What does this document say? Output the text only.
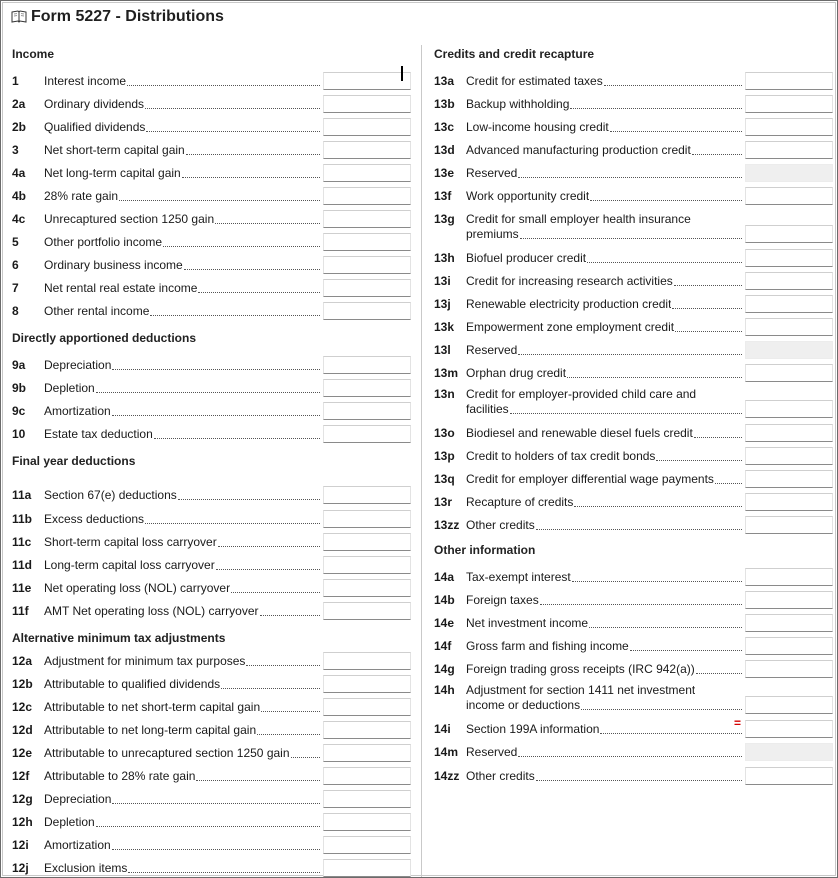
Form 5227 - Distributions
Income
1 Interest income
2a Ordinary dividends
2b Qualified dividends
3 Net short-term capital gain
4a Net long-term capital gain
4b 28% rate gain
4c Unrecaptured section 1250 gain
5 Other portfolio income
6 Ordinary business income
7 Net rental real estate income
8 Other rental income
Directly apportioned deductions
9a Depreciation
9b Depletion
9c Amortization
10 Estate tax deduction
Final year deductions
11a Section 67(e) deductions
11b Excess deductions
11c Short-term capital loss carryover
11d Long-term capital loss carryover
11e Net operating loss (NOL) carryover
11f AMT Net operating loss (NOL) carryover
Alternative minimum tax adjustments
12a Adjustment for minimum tax purposes
12b Attributable to qualified dividends
12c Attributable to net short-term capital gain
12d Attributable to net long-term capital gain
12e Attributable to unrecaptured section 1250 gain
12f Attributable to 28% rate gain
12g Depreciation
12h Depletion
12i Amortization
12j Exclusion items
Credits and credit recapture
13a Credit for estimated taxes
13b Backup withholding
13c Low-income housing credit
13d Advanced manufacturing production credit
13e Reserved
13f Work opportunity credit
13g Credit for small employer health insurance
premiums
13h Biofuel producer credit
13i Credit for increasing research activities
13j Renewable electricity production credit
13k Empowerment zone employment credit
13l Reserved
13m Orphan drug credit
13n Credit for employer-provided child care and
facilities
13o Biodiesel and renewable diesel fuels credit
13p Credit to holders of tax credit bonds
13q Credit for employer differential wage payments
13r Recapture of credits
13zz Other credits
Other information
14a Tax-exempt interest
14b Foreign taxes
14e Net investment income
14f Gross farm and fishing income
14g Foreign trading gross receipts (IRC 942(a))
14h Adjustment for section 1411 net investment
income or deductions
14i Section 199A information	=
14m Reserved
14zz Other credits
